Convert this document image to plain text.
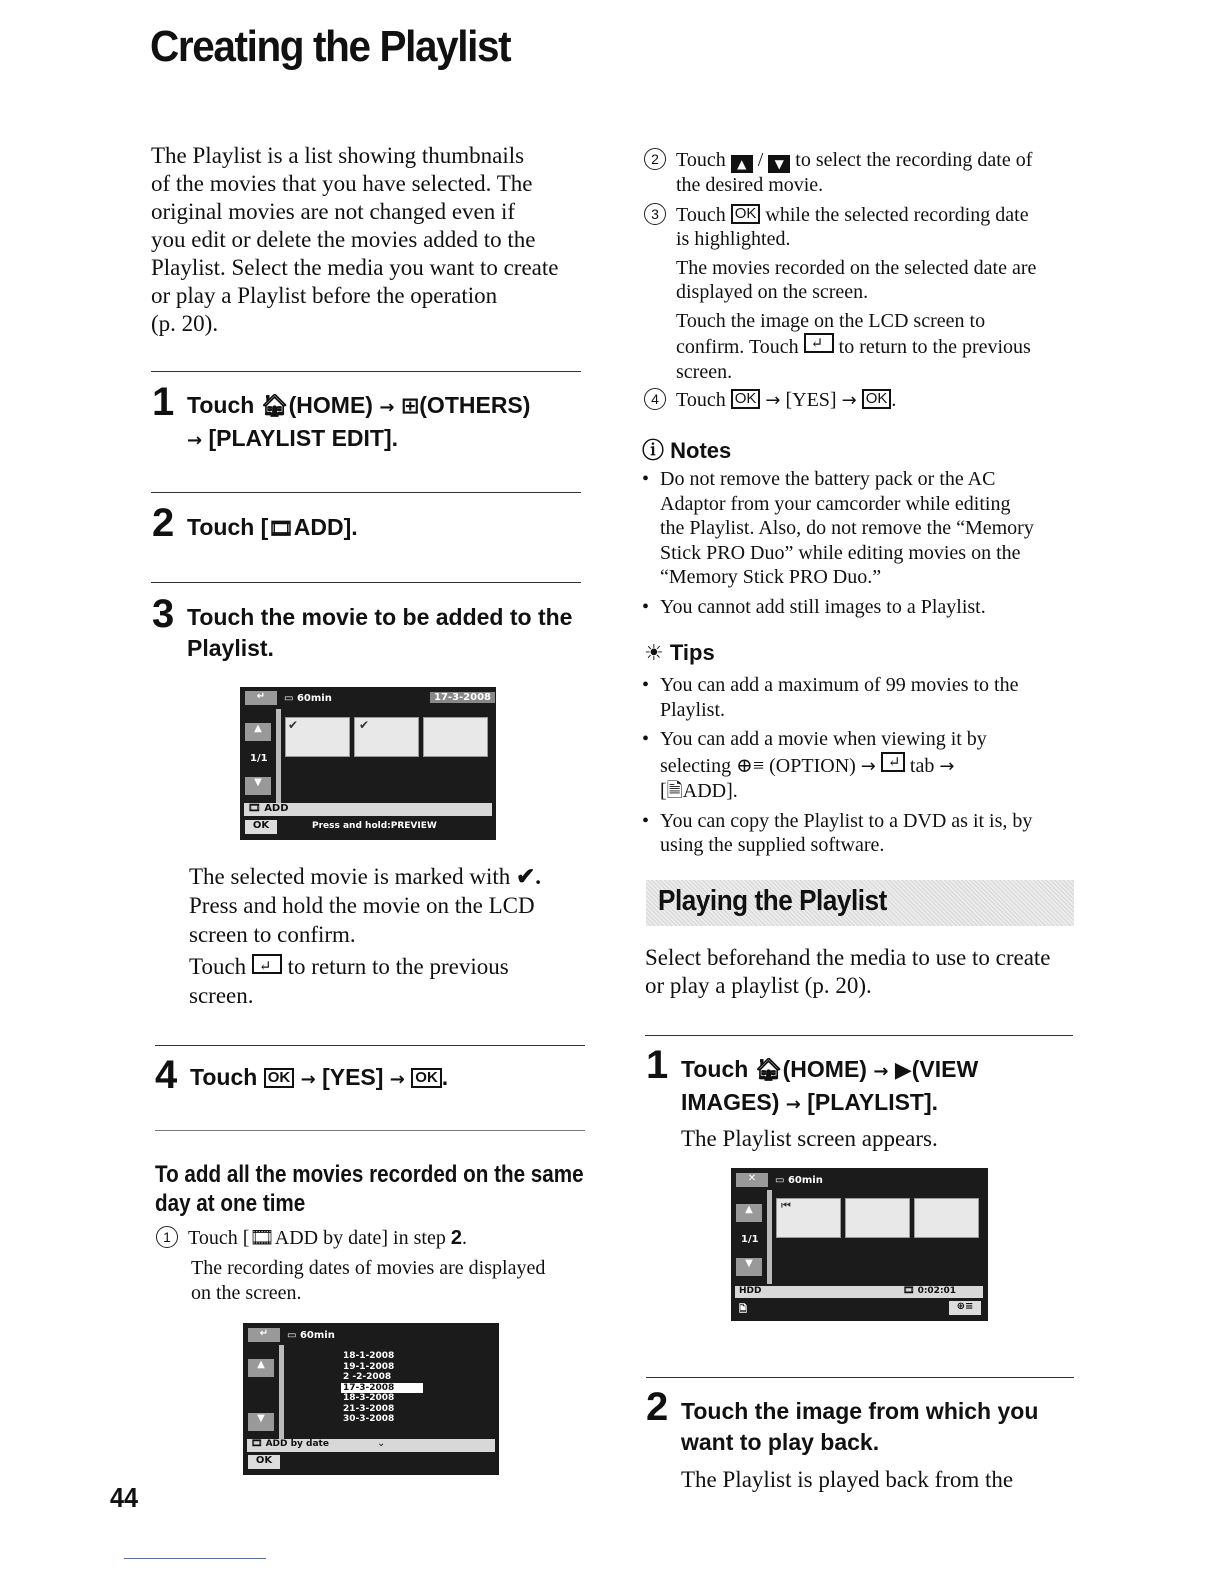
Creating the Playlist
The Playlist is a list showing thumbnails
of the movies that you have selected. The
original movies are not changed even if
you edit or delete the movies added to the
Playlist. Select the media you want to create
or play a Playlist before the operation
(p. 20).
1 Touch 🏠︎(HOME) → ⊞(OTHERS)
→ [PLAYLIST EDIT].
2 Touch [🎞︎ADD].
3 Touch the movie to be added to the
Playlist.
↵	▭ 60min	17-3-2008
▲
1/1
▼
✔	✔
🎞︎ ADD
OK	Press and hold:PREVIEW
The selected movie is marked with ✔.
Press and hold the movie on the LCD
screen to confirm.
Touch ↵ to return to the previous
screen.
4 Touch OK → [YES] → OK .
To add all the movies recorded on the same
day at one time
1 Touch [🎞︎ADD by date] in step 2.
The recording dates of movies are displayed
on the screen.
↵	▭ 60min
▲
▼
18-1-2008
19-1-2008
2 -2-2008
17-3-2008
18-3-2008
21-3-2008
30-3-2008
🎞︎ ADD by date	⌄
OK
44
2 Touch ▲ / ▼ to select the recording date of
the desired movie.
3 Touch OK while the selected recording date
is highlighted.
The movies recorded on the selected date are
displayed on the screen.
Touch the image on the LCD screen to
confirm. Touch ↵ to return to the previous
screen.
4 Touch OK → [YES] → OK .
ⓘ Notes
• Do not remove the battery pack or the AC
Adaptor from your camcorder while editing
the Playlist. Also, do not remove the “Memory
Stick PRO Duo” while editing movies on the
“Memory Stick PRO Duo.”
• You cannot add still images to a Playlist.
☀ Tips
• You can add a maximum of 99 movies to the
Playlist.
• You can add a movie when viewing it by
selecting ⊕≡ (OPTION) → ↵ tab →
[🗎ADD].
• You can copy the Playlist to a DVD as it is, by
using the supplied software.
Playing the Playlist
Select beforehand the media to use to create
or play a playlist (p. 20).
1 Touch 🏠︎(HOME) → ▶(VIEW
IMAGES) → [PLAYLIST].
The Playlist screen appears.
✕	▭ 60min
▲
1/1
▼
⏮
HDD	🎞︎ 0:02:01
🗎	⊕≡
2 Touch the image from which you
want to play back.
The Playlist is played back from the
